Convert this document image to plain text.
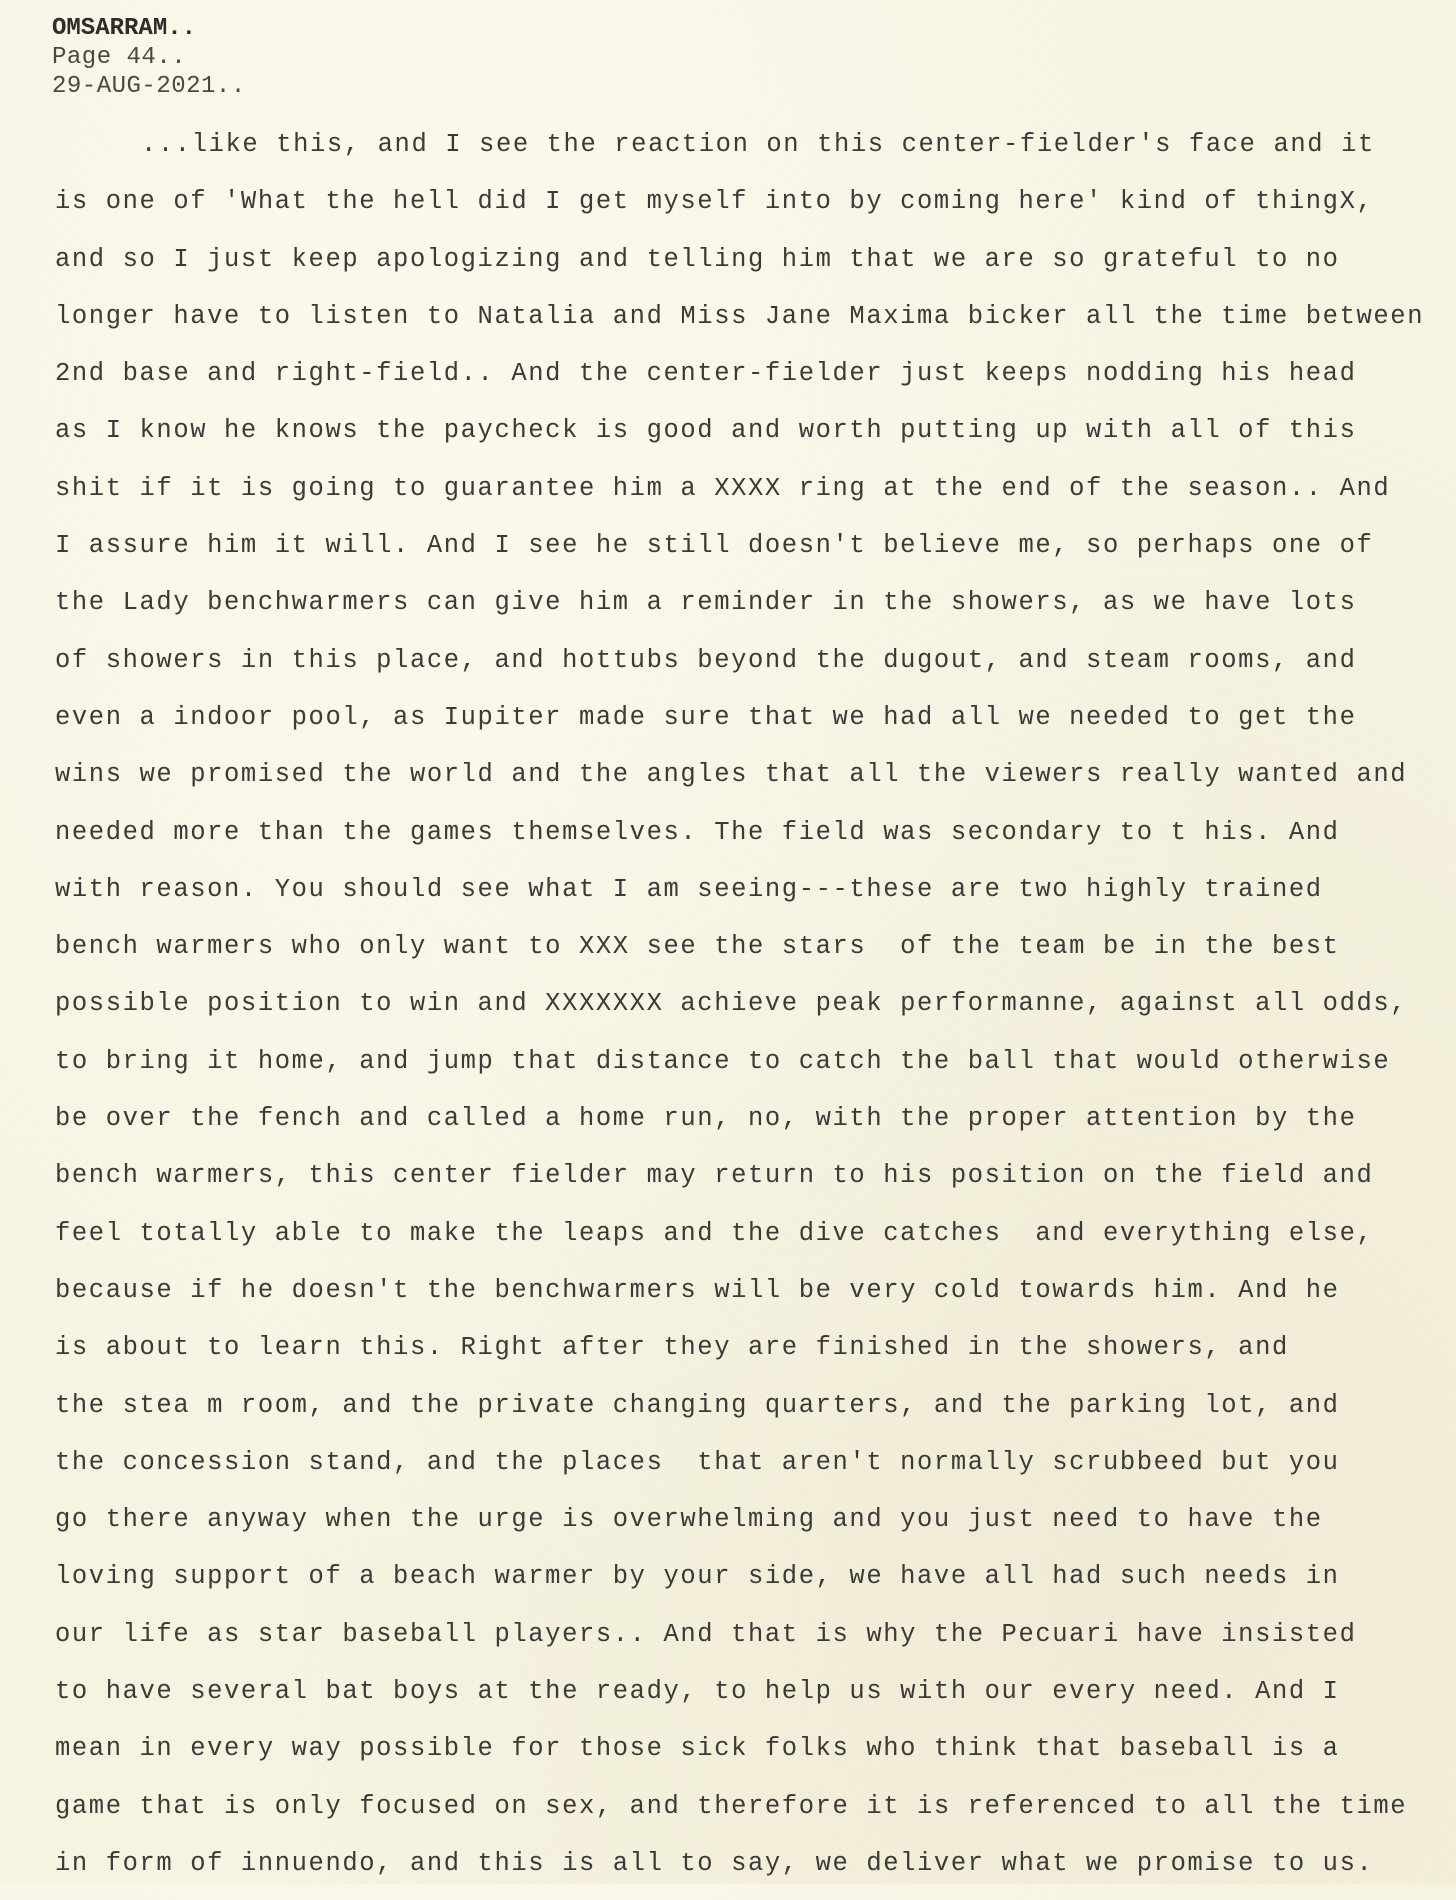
OMSARRAM..
Page 44..
29-AUG-2021..
...like this, and I see the reaction on this center-fielder's face and it
is one of 'What the hell did I get myself into by coming here' kind of thingX,
and so I just keep apologizing and telling him that we are so grateful to no
longer have to listen to Natalia and Miss Jane Maxima bicker all the time between
2nd base and right-field.. And the center-fielder just keeps nodding his head
as I know he knows the paycheck is good and worth putting up with all of this
shit if it is going to guarantee him a XXXX ring at the end of the season.. And
I assure him it will. And I see he still doesn't believe me, so perhaps one of
the Lady benchwarmers can give him a reminder in the showers, as we have lots
of showers in this place, and hottubs beyond the dugout, and steam rooms, and
even a indoor pool, as Iupiter made sure that we had all we needed to get the
wins we promised the world and the angles that all the viewers really wanted and
needed more than the games themselves. The field was secondary to t his. And
with reason. You should see what I am seeing---these are two highly trained
bench warmers who only want to XXX see the stars  of the team be in the best
possible position to win and XXXXXXX achieve peak performanne, against all odds,
to bring it home, and jump that distance to catch the ball that would otherwise
be over the fench and called a home run, no, with the proper attention by the
bench warmers, this center fielder may return to his position on the field and
feel totally able to make the leaps and the dive catches  and everything else,
because if he doesn't the benchwarmers will be very cold towards him. And he
is about to learn this. Right after they are finished in the showers, and
the stea m room, and the private changing quarters, and the parking lot, and
the concession stand, and the places  that aren't normally scrubbeed but you
go there anyway when the urge is overwhelming and you just need to have the
loving support of a beach warmer by your side, we have all had such needs in
our life as star baseball players.. And that is why the Pecuari have insisted
to have several bat boys at the ready, to help us with our every need. And I
mean in every way possible for those sick folks who think that baseball is a
game that is only focused on sex, and therefore it is referenced to all the time
in form of innuendo, and this is all to say, we deliver what we promise to us.
